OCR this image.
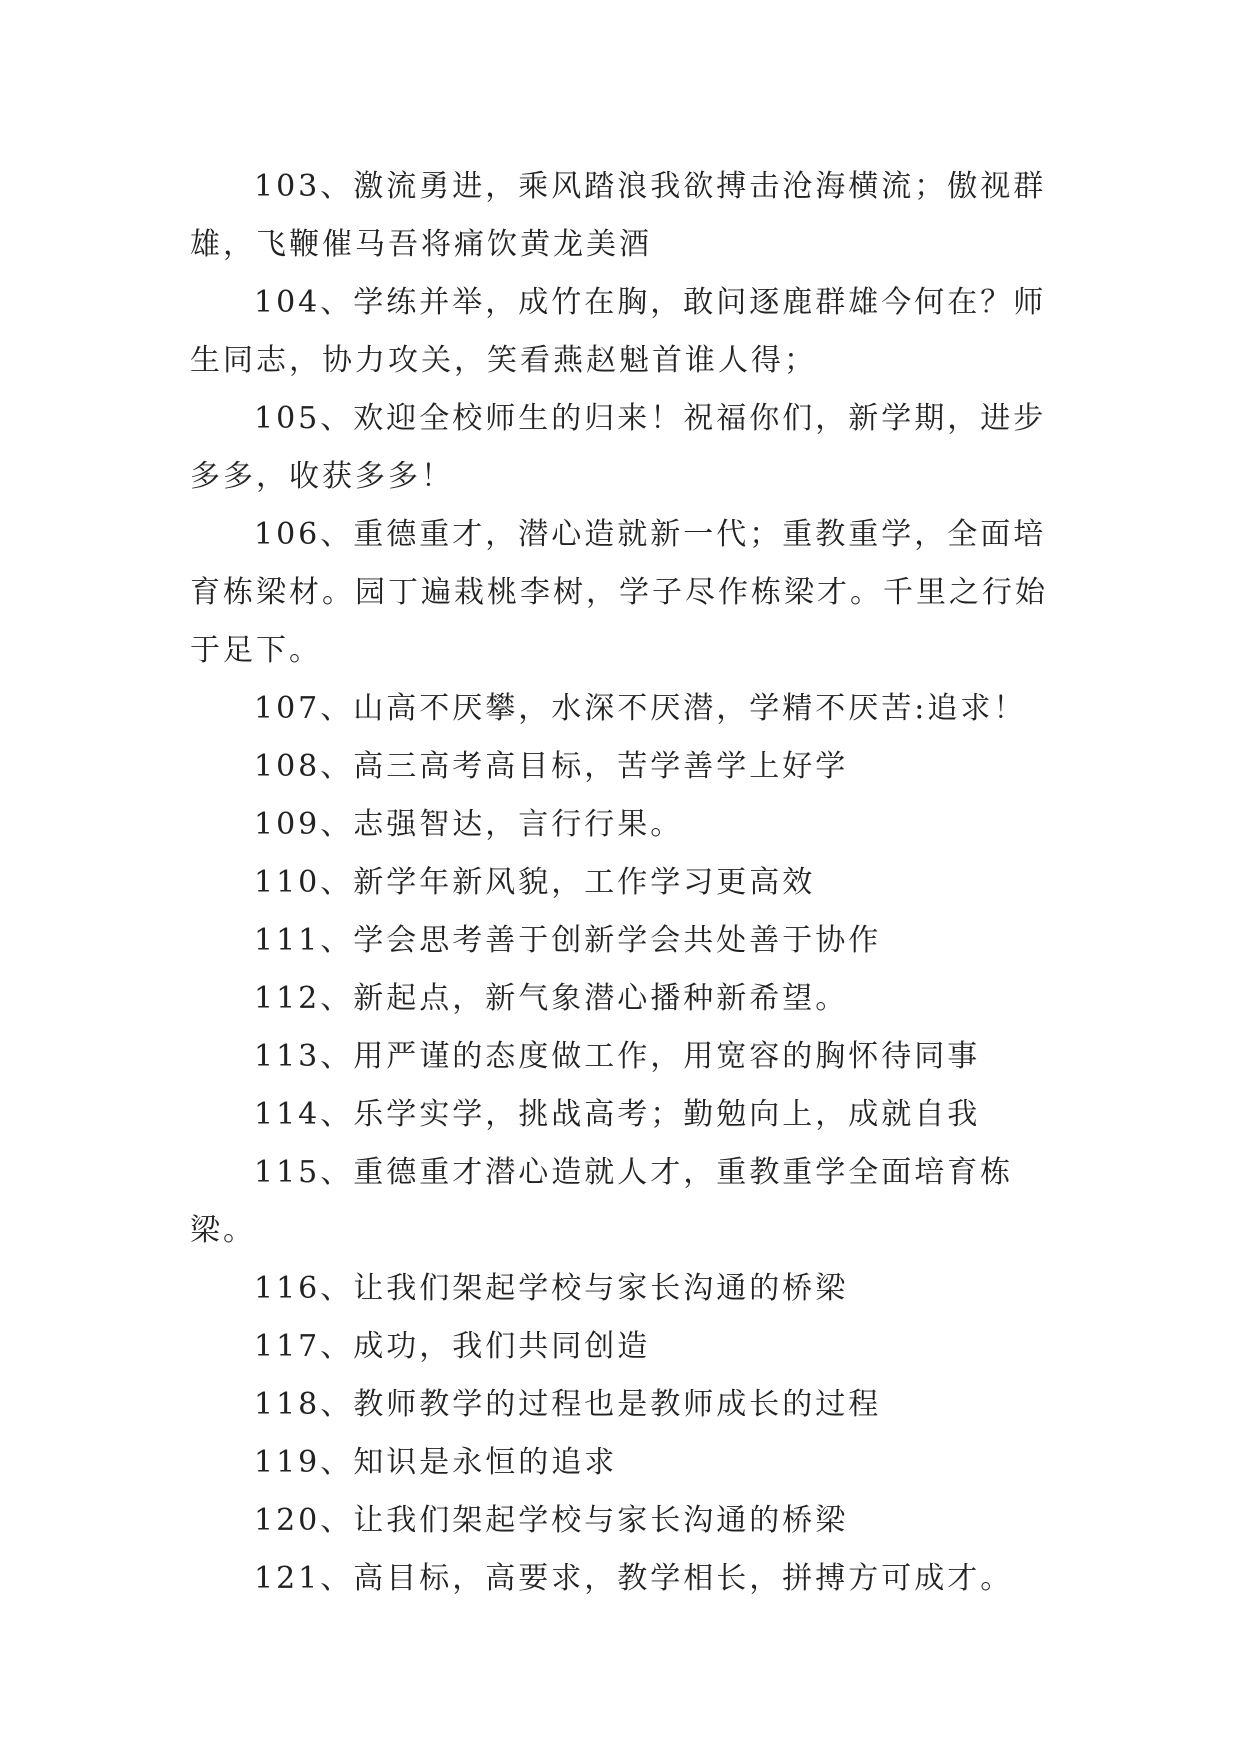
103、激流勇进，乘风踏浪我欲搏击沧海横流；傲视群雄，飞鞭催马吾将痛饮黄龙美酒

104、学练并举，成竹在胸，敢问逐鹿群雄今何在？师生同志，协力攻关，笑看燕赵魁首谁人得；

105、欢迎全校师生的归来！祝福你们，新学期，进步多多，收获多多！

106、重德重才，潜心造就新一代；重教重学，全面培育栋梁材。园丁遍栽桃李树，学子尽作栋梁才。千里之行始于足下。

107、山高不厌攀，水深不厌潜，学精不厌苦:追求！

108、高三高考高目标，苦学善学上好学

109、志强智达，言行行果。

110、新学年新风貌，工作学习更高效

111、学会思考善于创新学会共处善于协作

112、新起点，新气象潜心播种新希望。

113、用严谨的态度做工作，用宽容的胸怀待同事

114、乐学实学，挑战高考；勤勉向上，成就自我

115、重德重才潜心造就人才，重教重学全面培育栋梁。

116、让我们架起学校与家长沟通的桥梁

117、成功，我们共同创造

118、教师教学的过程也是教师成长的过程

119、知识是永恒的追求

120、让我们架起学校与家长沟通的桥梁

121、高目标，高要求，教学相长，拼搏方可成才。
